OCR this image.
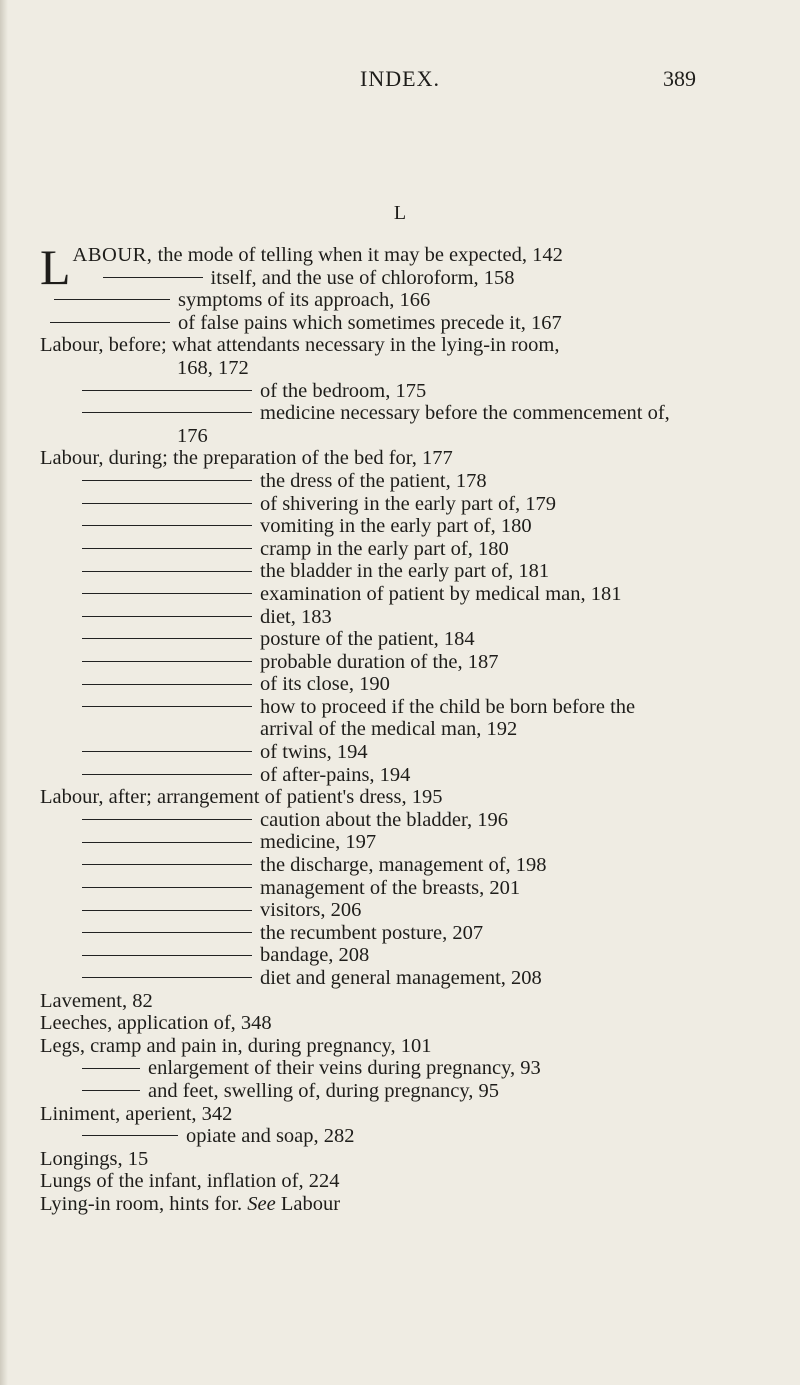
INDEX.	389
L
L ABOUR, the mode of telling when it may be expected, 142
itself, and the use of chloroform, 158
symptoms of its approach, 166
of false pains which sometimes precede it, 167
Labour, before; what attendants necessary in the lying-in room,
168, 172
of the bedroom, 175
medicine necessary before the commencement of,
176
Labour, during; the preparation of the bed for, 177
the dress of the patient, 178
of shivering in the early part of, 179
vomiting in the early part of, 180
cramp in the early part of, 180
the bladder in the early part of, 181
examination of patient by medical man, 181
diet, 183
posture of the patient, 184
probable duration of the, 187
of its close, 190
how to proceed if the child be born before the
arrival of the medical man, 192
of twins, 194
of after-pains, 194
Labour, after; arrangement of patient's dress, 195
caution about the bladder, 196
medicine, 197
the discharge, management of, 198
management of the breasts, 201
visitors, 206
the recumbent posture, 207
bandage, 208
diet and general management, 208
Lavement, 82
Leeches, application of, 348
Legs, cramp and pain in, during pregnancy, 101
enlargement of their veins during pregnancy, 93
and feet, swelling of, during pregnancy, 95
Liniment, aperient, 342
opiate and soap, 282
Longings, 15
Lungs of the infant, inflation of, 224
Lying-in room, hints for. See Labour
